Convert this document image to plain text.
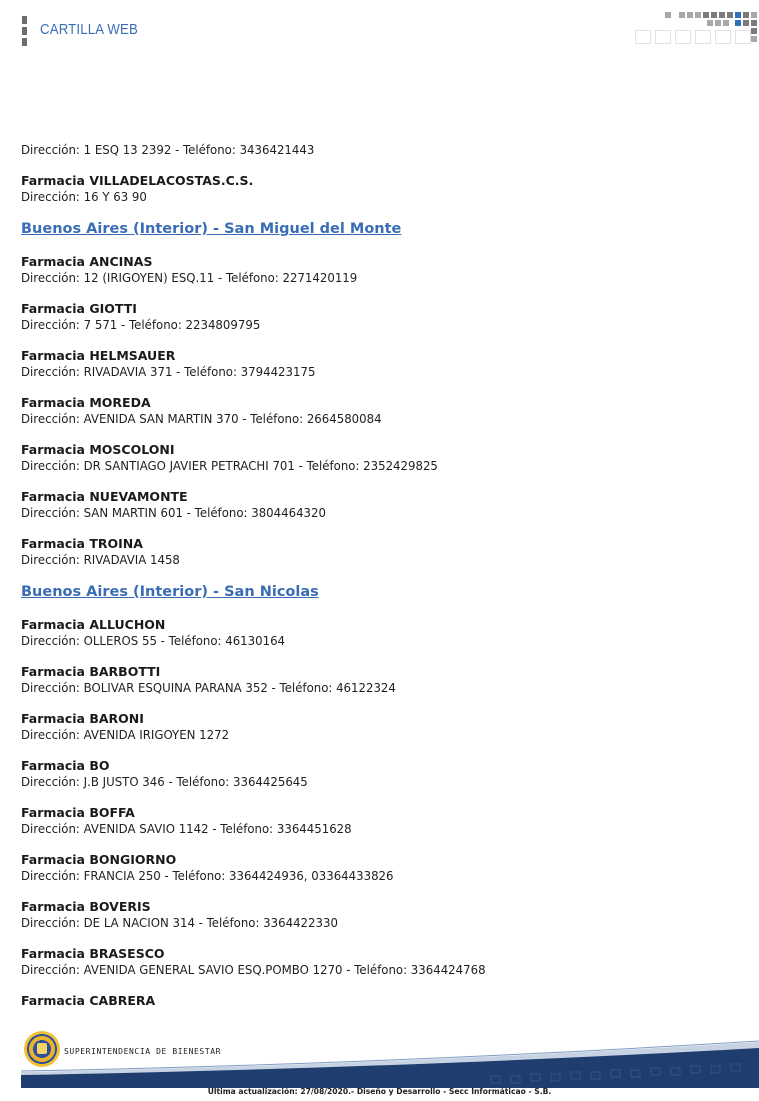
CARTILLA WEB
Dirección: 1 ESQ 13 2392 - Teléfono: 3436421443
Farmacia VILLADELACOSTAS.C.S.
Dirección: 16 Y 63 90
Buenos Aires (Interior) - San Miguel del Monte
Farmacia ANCINAS
Dirección: 12 (IRIGOYEN) ESQ.11 - Teléfono: 2271420119
Farmacia GIOTTI
Dirección: 7 571 - Teléfono: 2234809795
Farmacia HELMSAUER
Dirección: RIVADAVIA 371 - Teléfono: 3794423175
Farmacia MOREDA
Dirección: AVENIDA SAN MARTIN 370 - Teléfono: 2664580084
Farmacia MOSCOLONI
Dirección: DR SANTIAGO JAVIER PETRACHI 701 - Teléfono: 2352429825
Farmacia NUEVAMONTE
Dirección: SAN MARTIN 601 - Teléfono: 3804464320
Farmacia TROINA
Dirección: RIVADAVIA 1458
Buenos Aires (Interior) - San Nicolas
Farmacia ALLUCHON
Dirección: OLLEROS 55 - Teléfono: 46130164
Farmacia BARBOTTI
Dirección: BOLIVAR ESQUINA PARANA 352 - Teléfono: 46122324
Farmacia BARONI
Dirección: AVENIDA IRIGOYEN 1272
Farmacia BO
Dirección: J.B JUSTO 346 - Teléfono: 3364425645
Farmacia BOFFA
Dirección: AVENIDA SAVIO 1142 - Teléfono: 3364451628
Farmacia BONGIORNO
Dirección: FRANCIA 250 - Teléfono: 3364424936, 03364433826
Farmacia BOVERIS
Dirección: DE LA NACION 314 - Teléfono: 3364422330
Farmacia BRASESCO
Dirección: AVENIDA GENERAL SAVIO ESQ.POMBO 1270 - Teléfono: 3364424768
Farmacia CABRERA
SUPERINTENDENCIA DE BIENESTAR
Ultima actualización: 27/08/2020.- Diseño y Desarrollo - Secc Informáticao - S.B.
